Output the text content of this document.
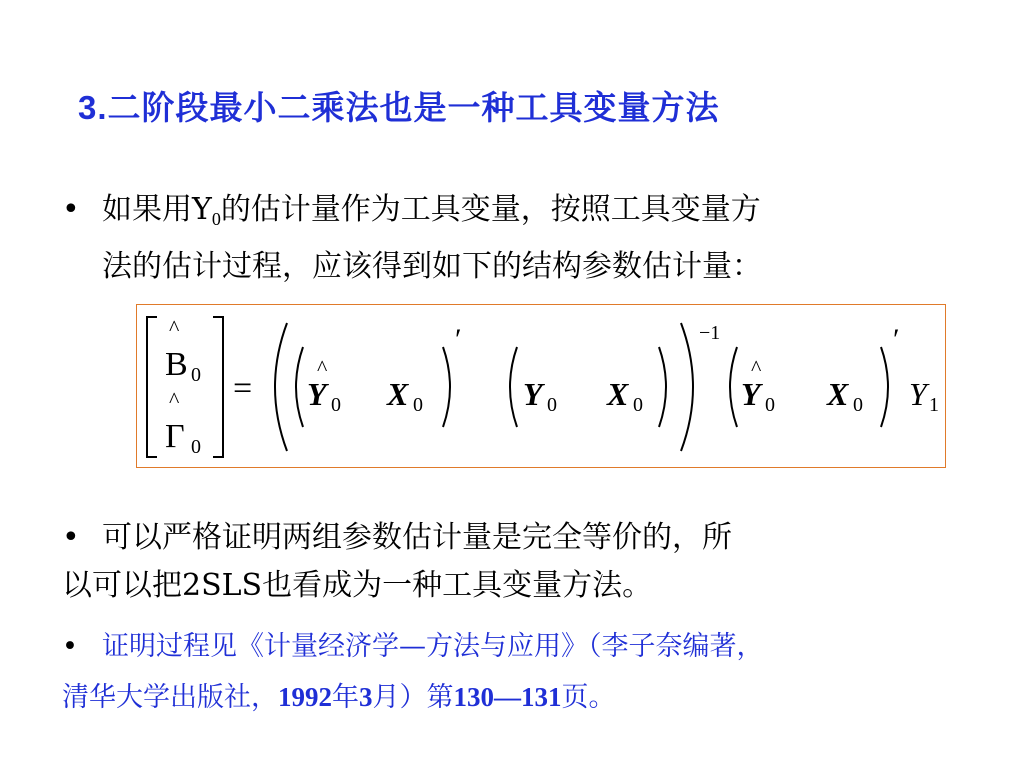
3.二阶段最小二乘法也是一种工具变量方法
• 如果用$Y_0$的估计量作为工具变量，按照工具变量方
法的估计过程，应该得到如下的结构参数估计量：
B
^
0
Γ
^
0
=
−1
Y
^
0 X 0
′
Y 0 X 0	Y
^
0 X 0
′
Y 1
• 可以严格证明两组参数估计量是完全等价的，所
以可以把2SLS也看成为一种工具变量方法。
• 证明过程见《计量经济学—方法与应用》（李子奈编著，
清华大学出版社，1992年3月）第130—131页。
